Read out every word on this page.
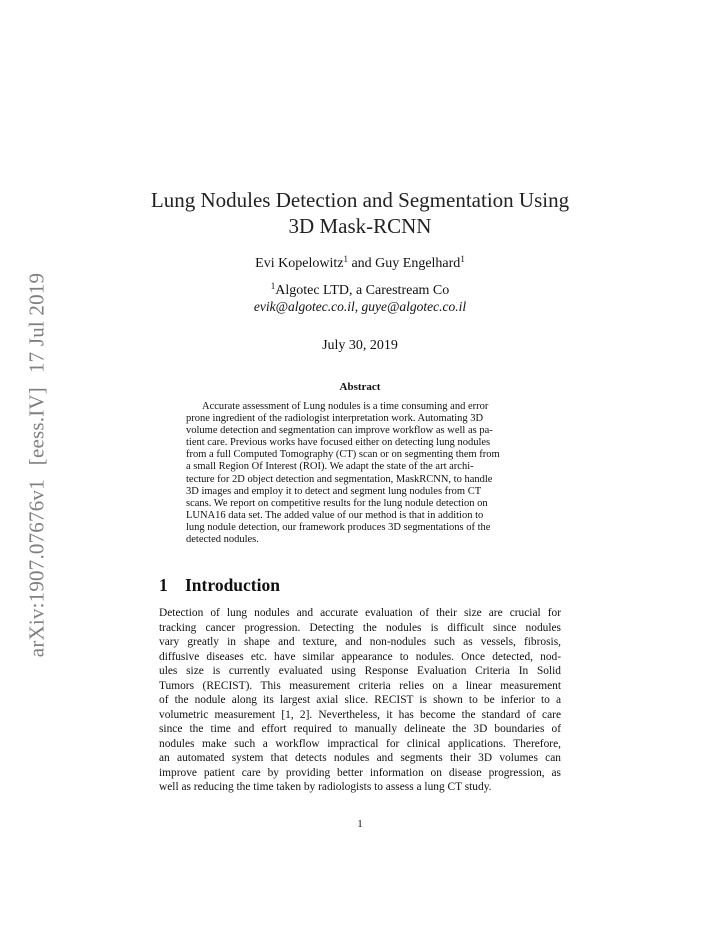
arXiv:1907.07676v1[eess.IV]17 Jul 2019
Lung Nodules Detection and Segmentation Using
3D Mask-RCNN
Evi Kopelowitz$^1$ and Guy Engelhard$^1$
$^1$Algotec LTD, a Carestream Co
evik@algotec.co.il, guye@algotec.co.il
July 30, 2019
Abstract
Accurate assessment of Lung nodules is a time consuming and error
prone ingredient of the radiologist interpretation work. Automating 3D
volume detection and segmentation can improve workflow as well as pa-
tient care. Previous works have focused either on detecting lung nodules
from a full Computed Tomography (CT) scan or on segmenting them from
a small Region Of Interest (ROI). We adapt the state of the art archi-
tecture for 2D object detection and segmentation, MaskRCNN, to handle
3D images and employ it to detect and segment lung nodules from CT
scans. We report on competitive results for the lung nodule detection on
LUNA16 data set. The added value of our method is that in addition to
lung nodule detection, our framework produces 3D segmentations of the
detected nodules.
1 Introduction
Detection of lung nodules and accurate evaluation of their size are crucial for
tracking cancer progression. Detecting the nodules is difficult since nodules
vary greatly in shape and texture, and non-nodules such as vessels, fibrosis,
diffusive diseases etc. have similar appearance to nodules. Once detected, nod-
ules size is currently evaluated using Response Evaluation Criteria In Solid
Tumors (RECIST). This measurement criteria relies on a linear measurement
of the nodule along its largest axial slice. RECIST is shown to be inferior to a
volumetric measurement [1, 2]. Nevertheless, it has become the standard of care
since the time and effort required to manually delineate the 3D boundaries of
nodules make such a workflow impractical for clinical applications. Therefore,
an automated system that detects nodules and segments their 3D volumes can
improve patient care by providing better information on disease progression, as
well as reducing the time taken by radiologists to assess a lung CT study.
1
